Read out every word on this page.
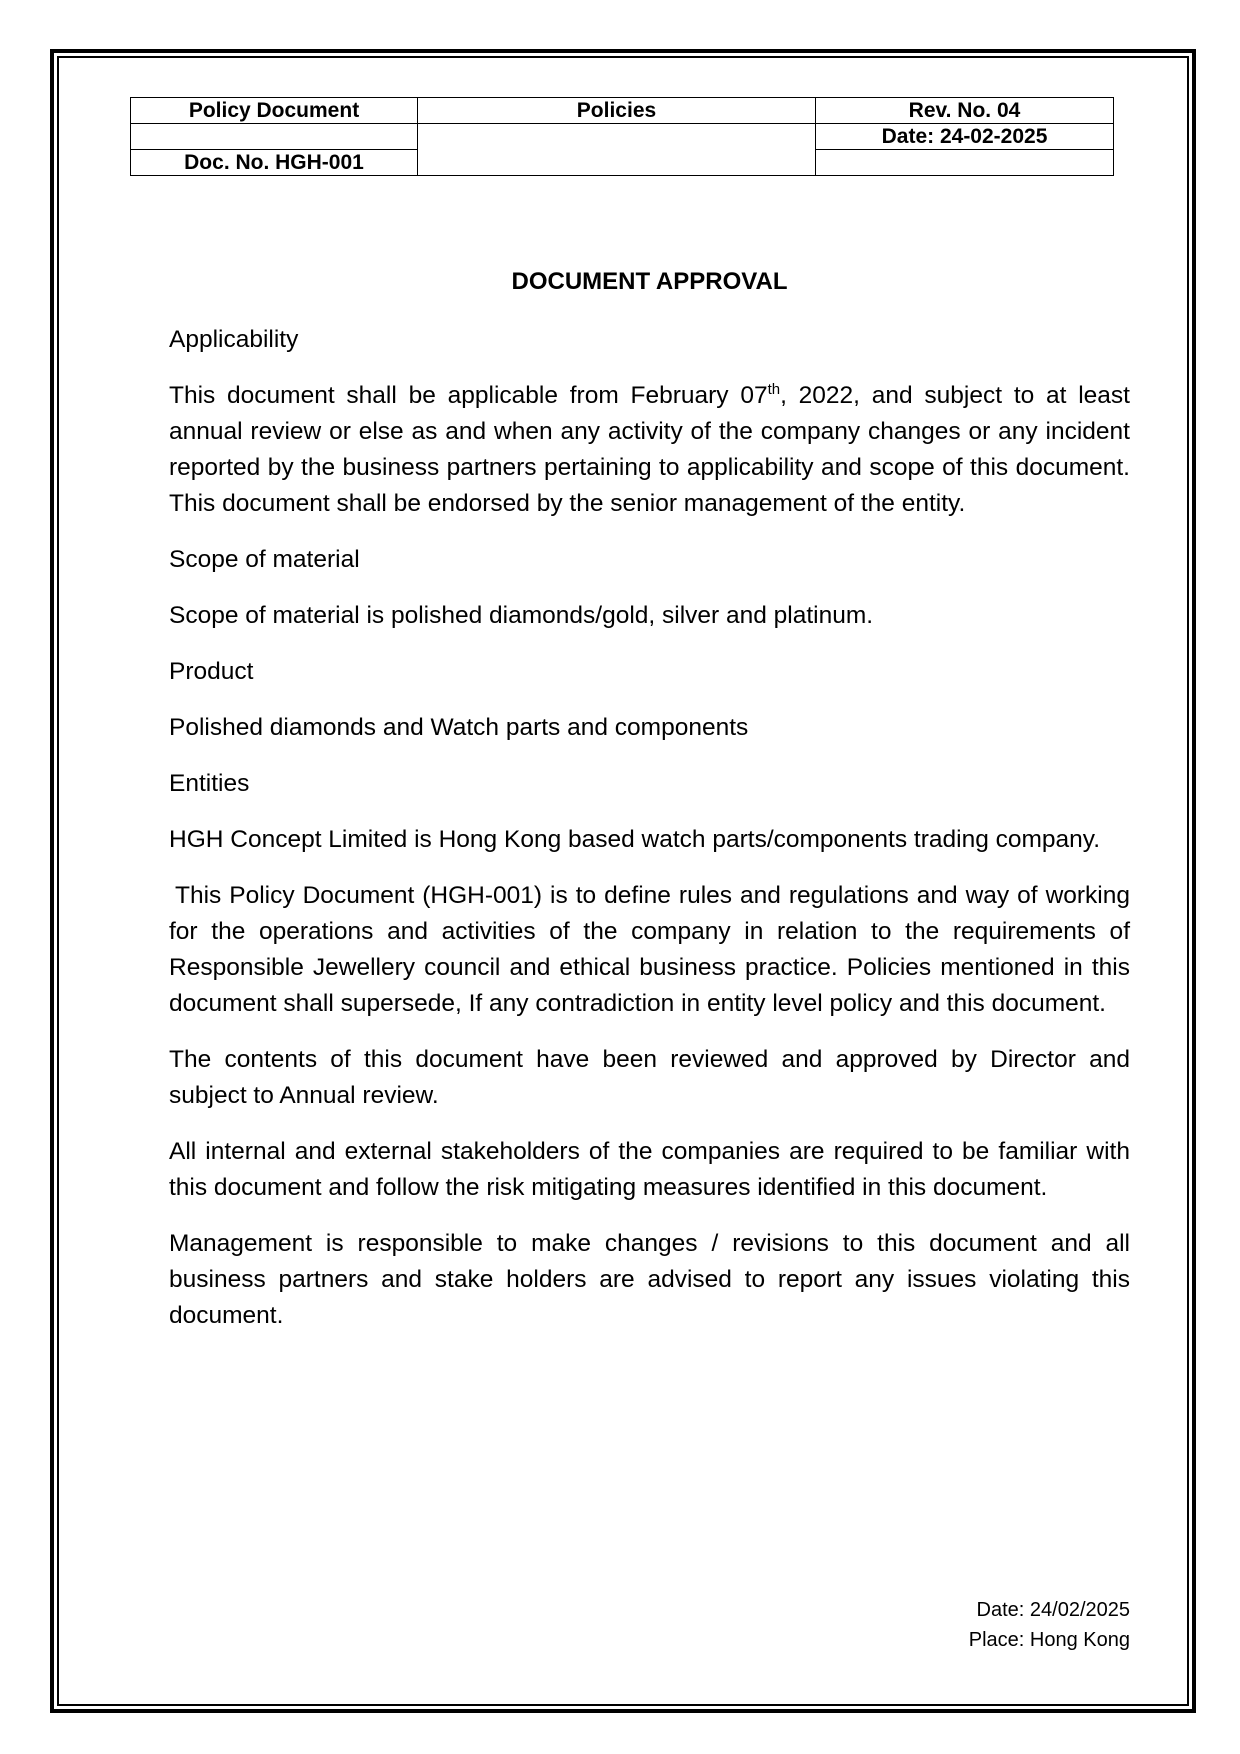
Policy Document	Policies	Rev. No. 04
		Date: 24-02-2025
Doc. No. HGH-001		
DOCUMENT APPROVAL
Applicability
This document shall be applicable from February 07th, 2022, and subject to at least annual review or else as and when any activity of the company changes or any incident reported by the business partners pertaining to applicability and scope of this document. This document shall be endorsed by the senior management of the entity.
Scope of material
Scope of material is polished diamonds/gold, silver and platinum.
Product
Polished diamonds and Watch parts and components
Entities
HGH Concept Limited is Hong Kong based watch parts/components trading company.
This Policy Document (HGH-001) is to define rules and regulations and way of working for the operations and activities of the company in relation to the requirements of Responsible Jewellery council and ethical business practice. Policies mentioned in this document shall supersede, If any contradiction in entity level policy and this document.
The contents of this document have been reviewed and approved by Director and subject to Annual review.
All internal and external stakeholders of the companies are required to be familiar with this document and follow the risk mitigating measures identified in this document.
Management is responsible to make changes / revisions to this document and all business partners and stake holders are advised to report any issues violating this document.
Date: 24/02/2025
Place: Hong Kong
